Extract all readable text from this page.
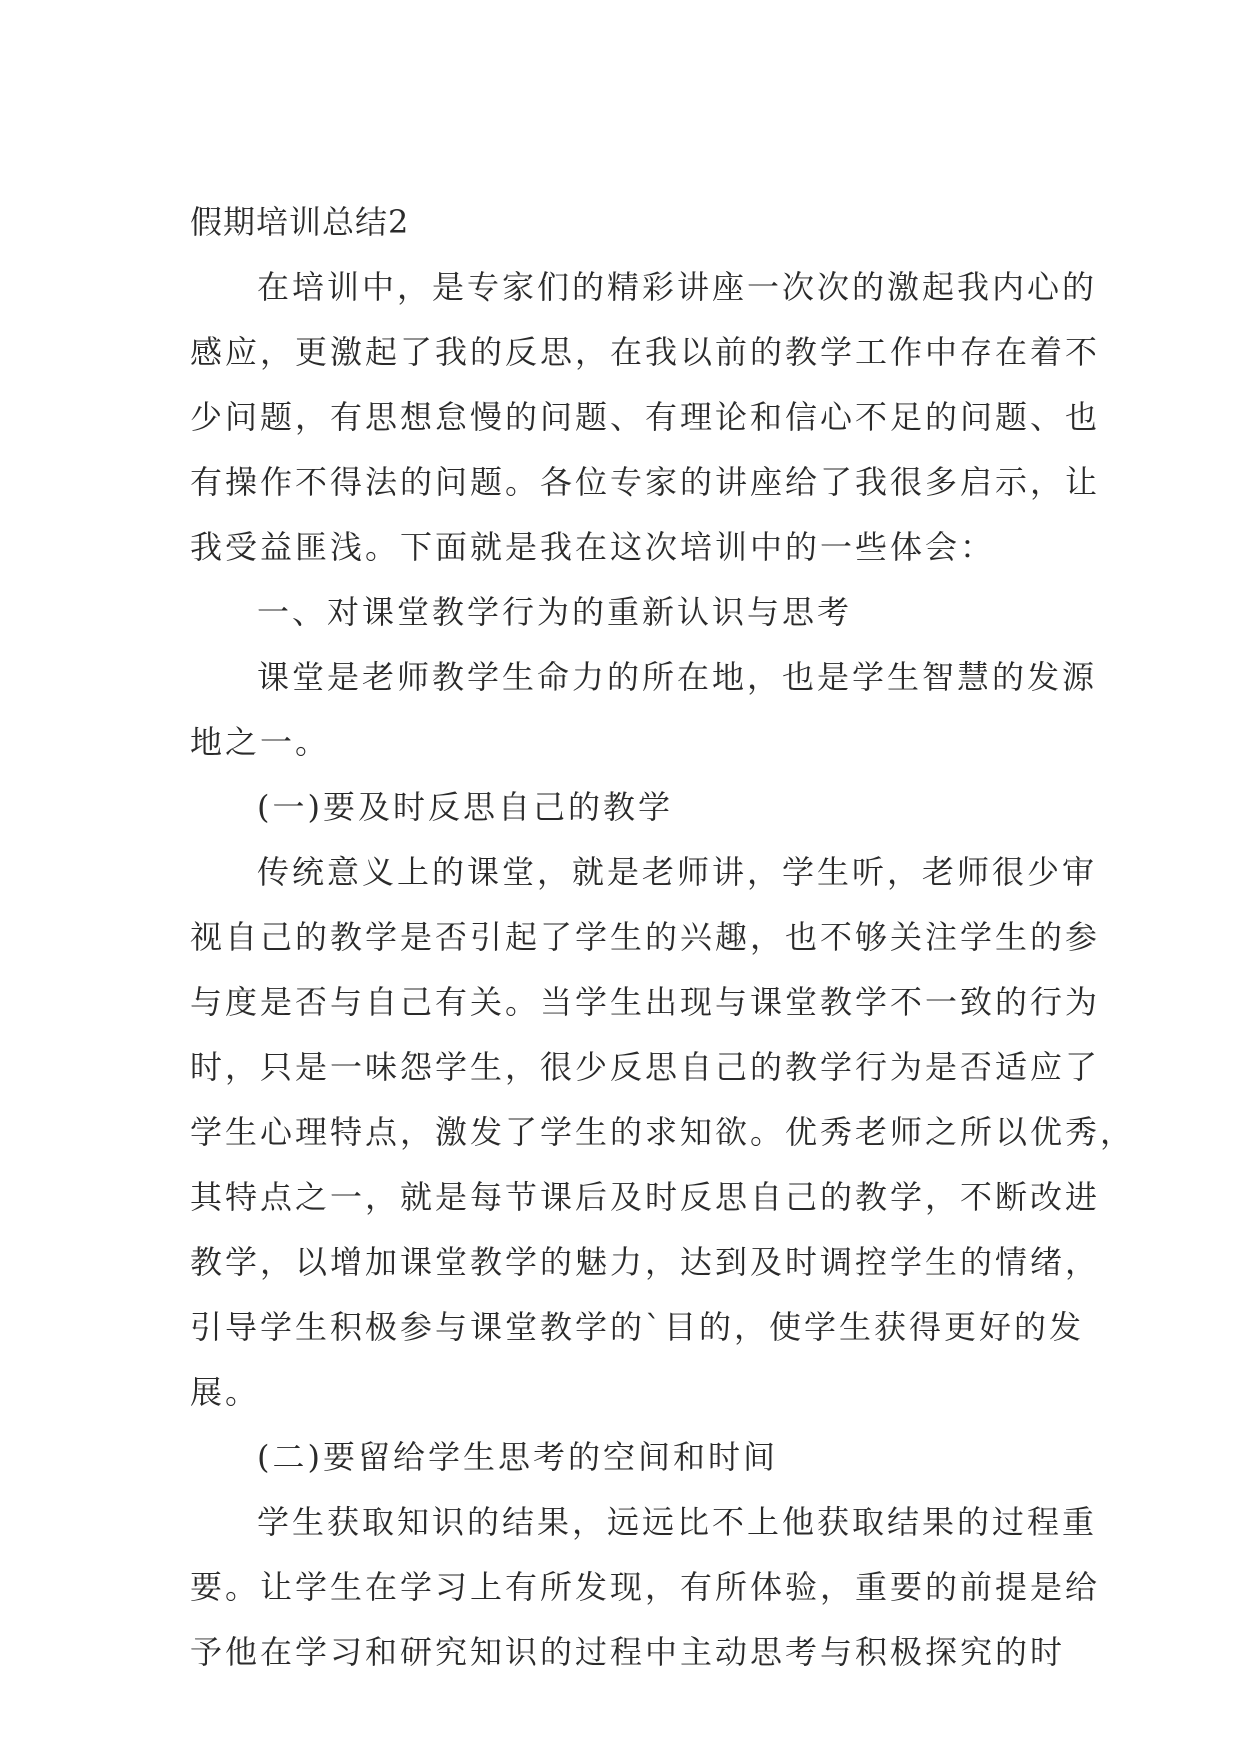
假期培训总结2
在培训中，是专家们的精彩讲座一次次的激起我内心的
感应，更激起了我的反思，在我以前的教学工作中存在着不
少问题，有思想怠慢的问题、有理论和信心不足的问题、也
有操作不得法的问题。各位专家的讲座给了我很多启示，让
我受益匪浅。下面就是我在这次培训中的一些体会：
一、对课堂教学行为的重新认识与思考
课堂是老师教学生命力的所在地，也是学生智慧的发源
地之一。
(一)要及时反思自己的教学
传统意义上的课堂，就是老师讲，学生听，老师很少审
视自己的教学是否引起了学生的兴趣，也不够关注学生的参
与度是否与自己有关。当学生出现与课堂教学不一致的行为
时，只是一味怨学生，很少反思自己的教学行为是否适应了
学生心理特点，激发了学生的求知欲。优秀老师之所以优秀，
其特点之一，就是每节课后及时反思自己的教学，不断改进
教学，以增加课堂教学的魅力，达到及时调控学生的情绪，
引导学生积极参与课堂教学的`目的，使学生获得更好的发
展。
(二)要留给学生思考的空间和时间
学生获取知识的结果，远远比不上他获取结果的过程重
要。让学生在学习上有所发现，有所体验，重要的前提是给
予他在学习和研究知识的过程中主动思考与积极探究的时
